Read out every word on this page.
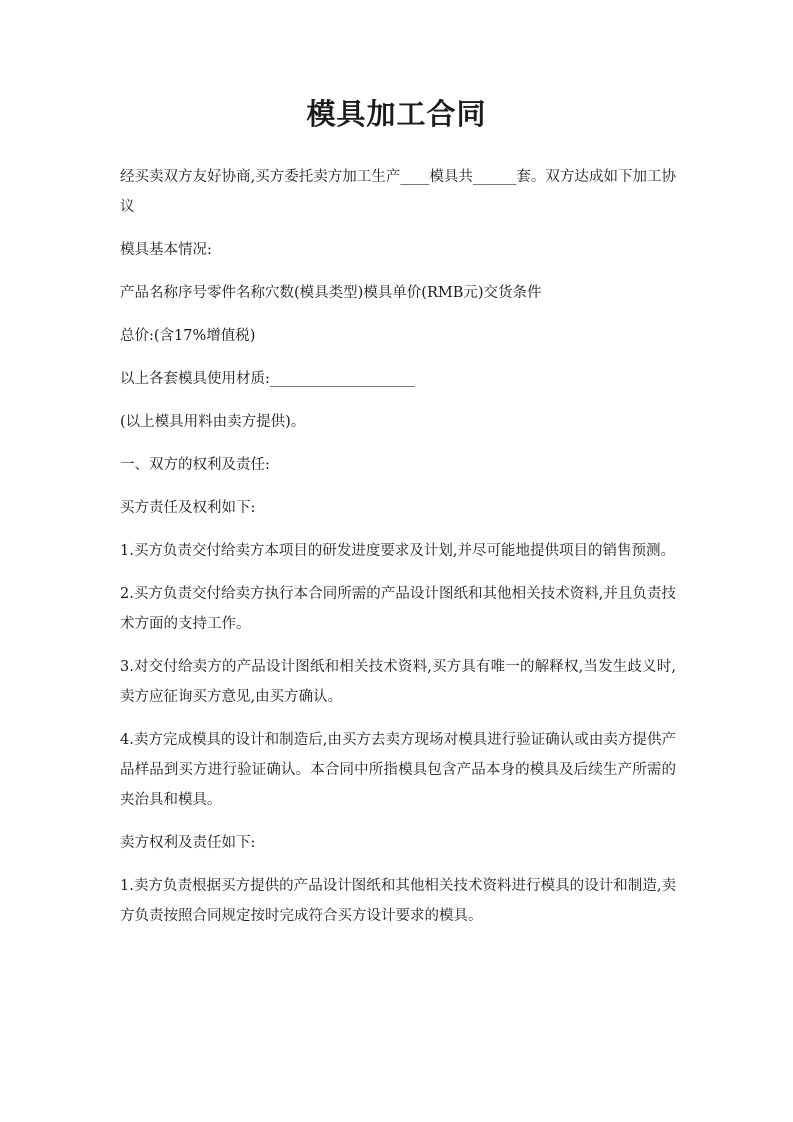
模具加工合同

经买卖双方友好协商,买方委托卖方加工生产____模具共______套。双方达成如下加工协议

模具基本情况:

产品名称序号零件名称穴数(模具类型)模具单价(RMB元)交货条件

总价:(含17%增值税)

以上各套模具使用材质:____________________

(以上模具用料由卖方提供)。

一、双方的权利及责任:

买方责任及权利如下:

1.买方负责交付给卖方本项目的研发进度要求及计划,并尽可能地提供项目的销售预测。

2.买方负责交付给卖方执行本合同所需的产品设计图纸和其他相关技术资料,并且负责技术方面的支持工作。

3.对交付给卖方的产品设计图纸和相关技术资料,买方具有唯一的解释权,当发生歧义时,卖方应征询买方意见,由买方确认。

4.卖方完成模具的设计和制造后,由买方去卖方现场对模具进行验证确认或由卖方提供产品样品到买方进行验证确认。本合同中所指模具包含产品本身的模具及后续生产所需的夹治具和模具。

卖方权利及责任如下:

1.卖方负责根据买方提供的产品设计图纸和其他相关技术资料进行模具的设计和制造,卖方负责按照合同规定按时完成符合买方设计要求的模具。
